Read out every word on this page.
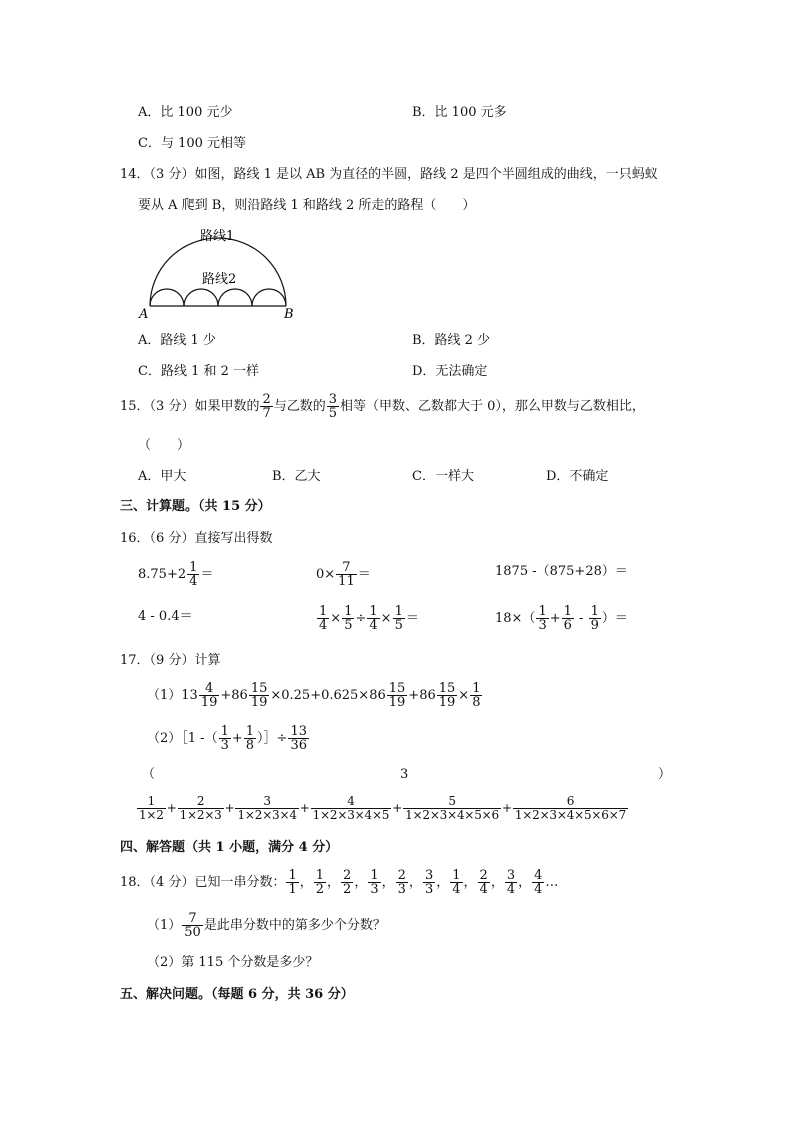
A．比 100 元少	B．比 100 元多
C．与 100 元相等
14．（3 分）如图，路线 1 是以 AB 为直径的半圆，路线 2 是四个半圆组成的曲线，一只蚂蚁
要从 A 爬到 B，则沿路线 1 和路线 2 所走的路程（　　）
路线1
路线2
A	B
A．路线 1 少	B．路线 2 少
C．路线 1 和 2 一样	D．无法确定
15．（3 分）如果甲数的 $\frac{2}{7}$ 与乙数的 $\frac{3}{5}$ 相等（甲数、乙数都大于 0），那么甲数与乙数相比，
（　　）
A．甲大	B．乙大	C．一样大	D．不确定
三、计算题。（共 15 分）
16．（6 分）直接写出得数
$8.75+2 \frac{1}{4}$ ＝	$0\times \frac{7}{11}$ ＝	1875 -（875+28）＝
4 - 0.4＝	$\frac{1}{4} \times \frac{1}{5} \div \frac{1}{4} \times \frac{1}{5}$ ＝	$18\times( \frac{1}{3} + \frac{1}{6} - \frac{1}{9}$ ）＝
17．（9 分）计算
$(1)13 \frac{4}{19} +86 \frac{15}{19} \times 0.25+0.625\times 86 \frac{15}{19} +86 \frac{15}{19} \times \frac{1}{8}$
（2）［1 -（ $\frac{1}{3} + \frac{1}{8}$ ）］÷ $\frac{13}{36}$
（	3	）
$\frac{1}{1\times 2} + \frac{2}{1\times 2\times 3} + \frac{3}{1\times 2\times 3\times 4} + \frac{4}{1\times 2\times 3\times 4\times 5} + \frac{5}{1\times 2\times 3\times 4\times 5\times 6} + \frac{6}{1\times 2\times 3\times 4\times 5\times 6\times 7}$
四、解答题（共 1 小题，满分 4 分）
18．（4 分）已知一串分数： $\frac{1}{1}$ ， $\frac{1}{2}$ ， $\frac{2}{2}$ ， $\frac{1}{3}$ ， $\frac{2}{3}$ ， $\frac{3}{3}$ ， $\frac{1}{4}$ ， $\frac{2}{4}$ ， $\frac{3}{4}$ ， $\frac{4}{4}$ …
$(1) \frac{7}{50}$ 是此串分数中的第多少个分数？
（2）第 115 个分数是多少？
五、解决问题。（每题 6 分，共 36 分）
